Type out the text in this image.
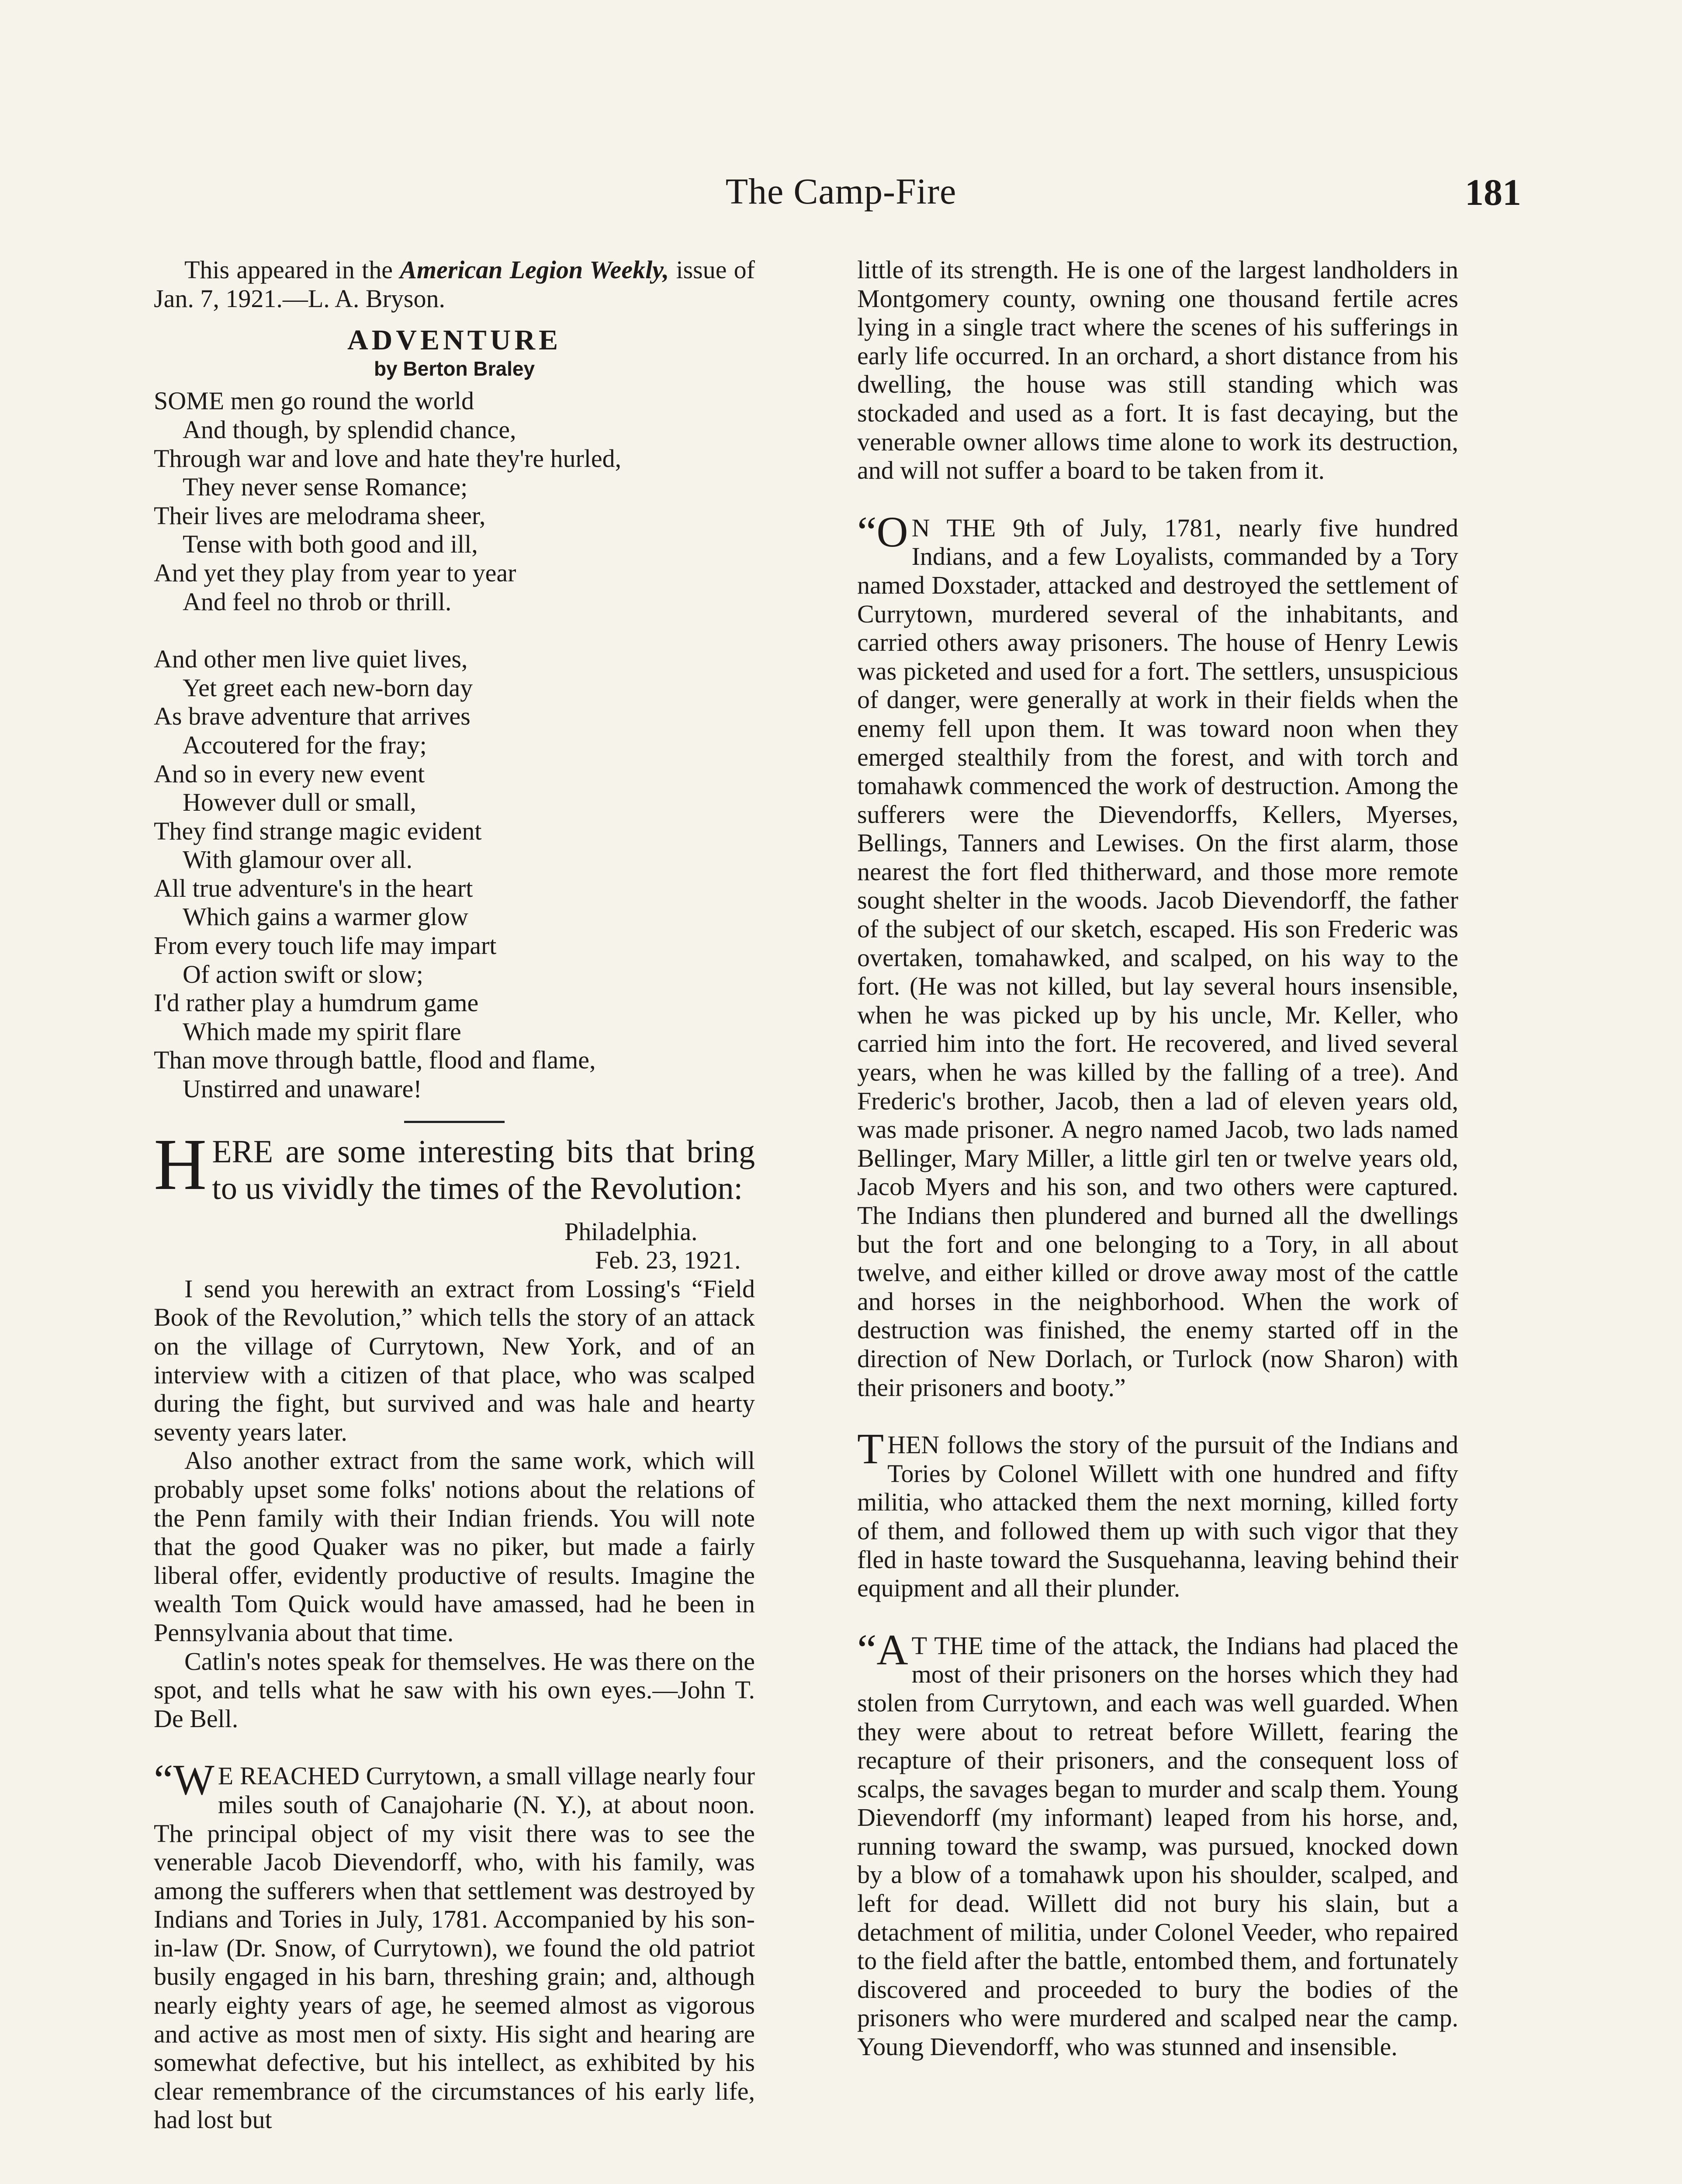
The Camp-Fire	181

This appeared in the American Legion Weekly, issue of Jan. 7, 1921.—L. A. Bryson.

ADVENTURE
by Berton Braley
SOME men go round the world
And though, by splendid chance,
Through war and love and hate they're hurled,
They never sense Romance;
Their lives are melodrama sheer,
Tense with both good and ill,
And yet they play from year to year
And feel no throb or thrill.
And other men live quiet lives,
Yet greet each new-born day
As brave adventure that arrives
Accoutered for the fray;
And so in every new event
However dull or small,
They find strange magic evident
With glamour over all.
All true adventure's in the heart
Which gains a warmer glow
From every touch life may impart
Of action swift or slow;
I'd rather play a humdrum game
Which made my spirit flare
Than move through battle, flood and flame,
Unstirred and unaware!

HERE are some interesting bits that bring to us vividly the times of the Revolution:

Philadelphia.
Feb. 23, 1921.

I send you herewith an extract from Lossing's “Field Book of the Revolution,” which tells the story of an attack on the village of Currytown, New York, and of an interview with a citizen of that place, who was scalped during the fight, but survived and was hale and hearty seventy years later.

Also another extract from the same work, which will probably upset some folks' notions about the relations of the Penn family with their Indian friends. You will note that the good Quaker was no piker, but made a fairly liberal offer, evidently productive of results. Imagine the wealth Tom Quick would have amassed, had he been in Pennsylvania about that time.

Catlin's notes speak for themselves. He was there on the spot, and tells what he saw with his own eyes.—John T. De Bell.

“W E REACHED Currytown, a small village nearly four miles south of Canajoharie (N. Y.), at about noon. The principal object of my visit there was to see the venerable Jacob Dievendorff, who, with his family, was among the sufferers when that settlement was destroyed by Indians and Tories in July, 1781. Accompanied by his son-in-law (Dr. Snow, of Currytown), we found the old patriot busily engaged in his barn, threshing grain; and, although nearly eighty years of age, he seemed almost as vigorous and active as most men of sixty. His sight and hearing are somewhat defective, but his intellect, as exhibited by his clear remembrance of the circumstances of his early life, had lost but

little of its strength. He is one of the largest landholders in Montgomery county, owning one thousand fertile acres lying in a single tract where the scenes of his sufferings in early life occurred. In an orchard, a short distance from his dwelling, the house was still standing which was stockaded and used as a fort. It is fast decaying, but the venerable owner allows time alone to work its destruction, and will not suffer a board to be taken from it.

“O N THE 9th of July, 1781, nearly five hundred Indians, and a few Loyalists, commanded by a Tory named Doxstader, attacked and destroyed the settlement of Currytown, murdered several of the inhabitants, and carried others away prisoners. The house of Henry Lewis was picketed and used for a fort. The settlers, unsuspicious of danger, were generally at work in their fields when the enemy fell upon them. It was toward noon when they emerged stealthily from the forest, and with torch and tomahawk commenced the work of destruction. Among the sufferers were the Dievendorffs, Kellers, Myerses, Bellings, Tanners and Lewises. On the first alarm, those nearest the fort fled thitherward, and those more remote sought shelter in the woods. Jacob Dievendorff, the father of the subject of our sketch, escaped. His son Frederic was overtaken, tomahawked, and scalped, on his way to the fort. (He was not killed, but lay several hours insensible, when he was picked up by his uncle, Mr. Keller, who carried him into the fort. He recovered, and lived several years, when he was killed by the falling of a tree). And Frederic's brother, Jacob, then a lad of eleven years old, was made prisoner. A negro named Jacob, two lads named Bellinger, Mary Miller, a little girl ten or twelve years old, Jacob Myers and his son, and two others were captured. The Indians then plundered and burned all the dwellings but the fort and one belonging to a Tory, in all about twelve, and either killed or drove away most of the cattle and horses in the neighborhood. When the work of destruction was finished, the enemy started off in the direction of New Dorlach, or Turlock (now Sharon) with their prisoners and booty.”

THEN follows the story of the pursuit of the Indians and Tories by Colonel Willett with one hundred and fifty militia, who attacked them the next morning, killed forty of them, and followed them up with such vigor that they fled in haste toward the Susquehanna, leaving behind their equipment and all their plunder.

“A T THE time of the attack, the Indians had placed the most of their prisoners on the horses which they had stolen from Currytown, and each was well guarded. When they were about to retreat before Willett, fearing the recapture of their prisoners, and the consequent loss of scalps, the savages began to murder and scalp them. Young Dievendorff (my informant) leaped from his horse, and, running toward the swamp, was pursued, knocked down by a blow of a tomahawk upon his shoulder, scalped, and left for dead. Willett did not bury his slain, but a detachment of militia, under Colonel Veeder, who repaired to the field after the battle, entombed them, and fortunately discovered and proceeded to bury the bodies of the prisoners who were murdered and scalped near the camp. Young Dievendorff, who was stunned and insensible.
